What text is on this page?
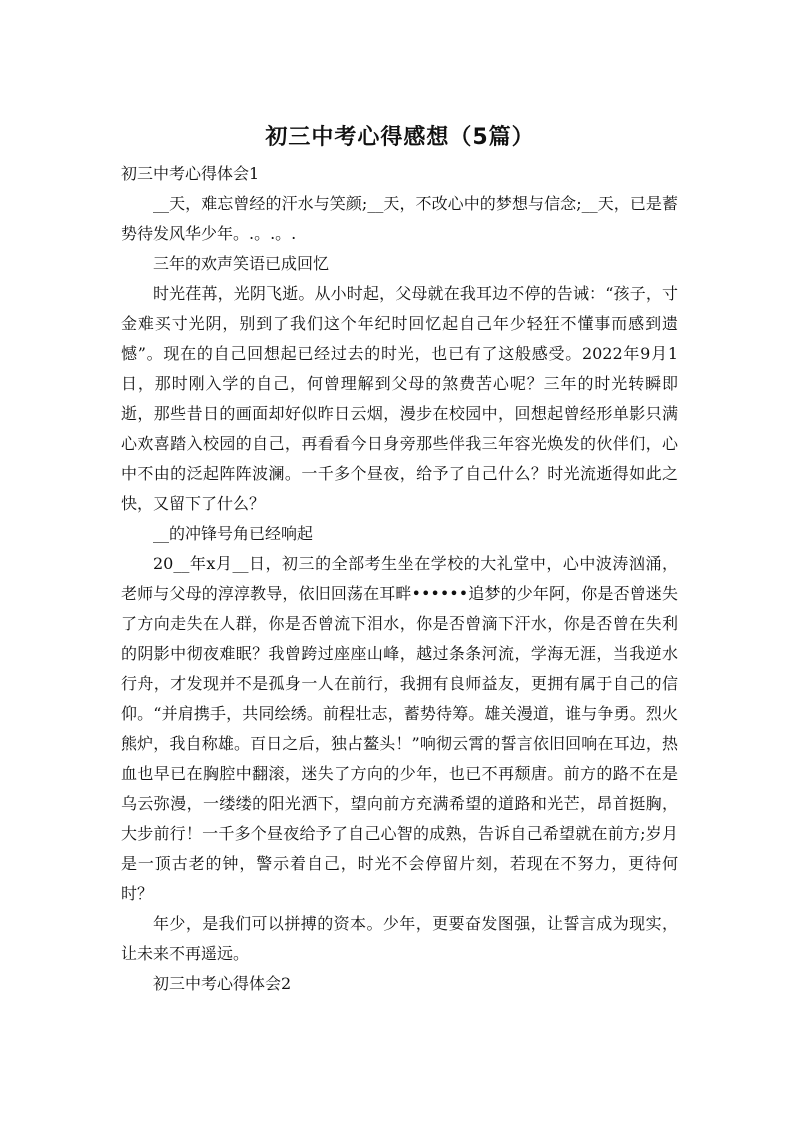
初三中考心得感想（5篇）

初三中考心得体会1

__天，难忘曾经的汗水与笑颜;__天，不改心中的梦想与信念;__天，已是蓄势待发风华少年。.。.。.

三年的欢声笑语已成回忆

时光荏苒，光阴飞逝。从小时起，父母就在我耳边不停的告诫：“孩子，寸金难买寸光阴，别到了我们这个年纪时回忆起自己年少轻狂不懂事而感到遗憾”。现在的自己回想起已经过去的时光，也已有了这般感受。2022年9月1日，那时刚入学的自己，何曾理解到父母的煞费苦心呢？三年的时光转瞬即逝，那些昔日的画面却好似昨日云烟，漫步在校园中，回想起曾经形单影只满心欢喜踏入校园的自己，再看看今日身旁那些伴我三年容光焕发的伙伴们，心中不由的泛起阵阵波澜。一千多个昼夜，给予了自己什么？时光流逝得如此之快，又留下了什么？

__的冲锋号角已经响起

20__年x月__日，初三的全部考生坐在学校的大礼堂中，心中波涛汹涌，老师与父母的淳淳教导，依旧回荡在耳畔••••••追梦的少年阿，你是否曾迷失了方向走失在人群，你是否曾流下泪水，你是否曾滴下汗水，你是否曾在失利的阴影中彻夜难眠？我曾跨过座座山峰，越过条条河流，学海无涯，当我逆水行舟，才发现并不是孤身一人在前行，我拥有良师益友，更拥有属于自己的信仰。“并肩携手，共同绘绣。前程壮志，蓄势待筹。雄关漫道，谁与争勇。烈火熊炉，我自称雄。百日之后，独占鳌头！”响彻云霄的誓言依旧回响在耳边，热血也早已在胸腔中翻滚，迷失了方向的少年，也已不再颓唐。前方的路不在是乌云弥漫，一缕缕的阳光洒下，望向前方充满希望的道路和光芒，昂首挺胸，大步前行！一千多个昼夜给予了自己心智的成熟，告诉自己希望就在前方;岁月是一顶古老的钟，警示着自己，时光不会停留片刻，若现在不努力，更待何时？

年少，是我们可以拼搏的资本。少年，更要奋发图强，让誓言成为现实，让未来不再遥远。

初三中考心得体会2
